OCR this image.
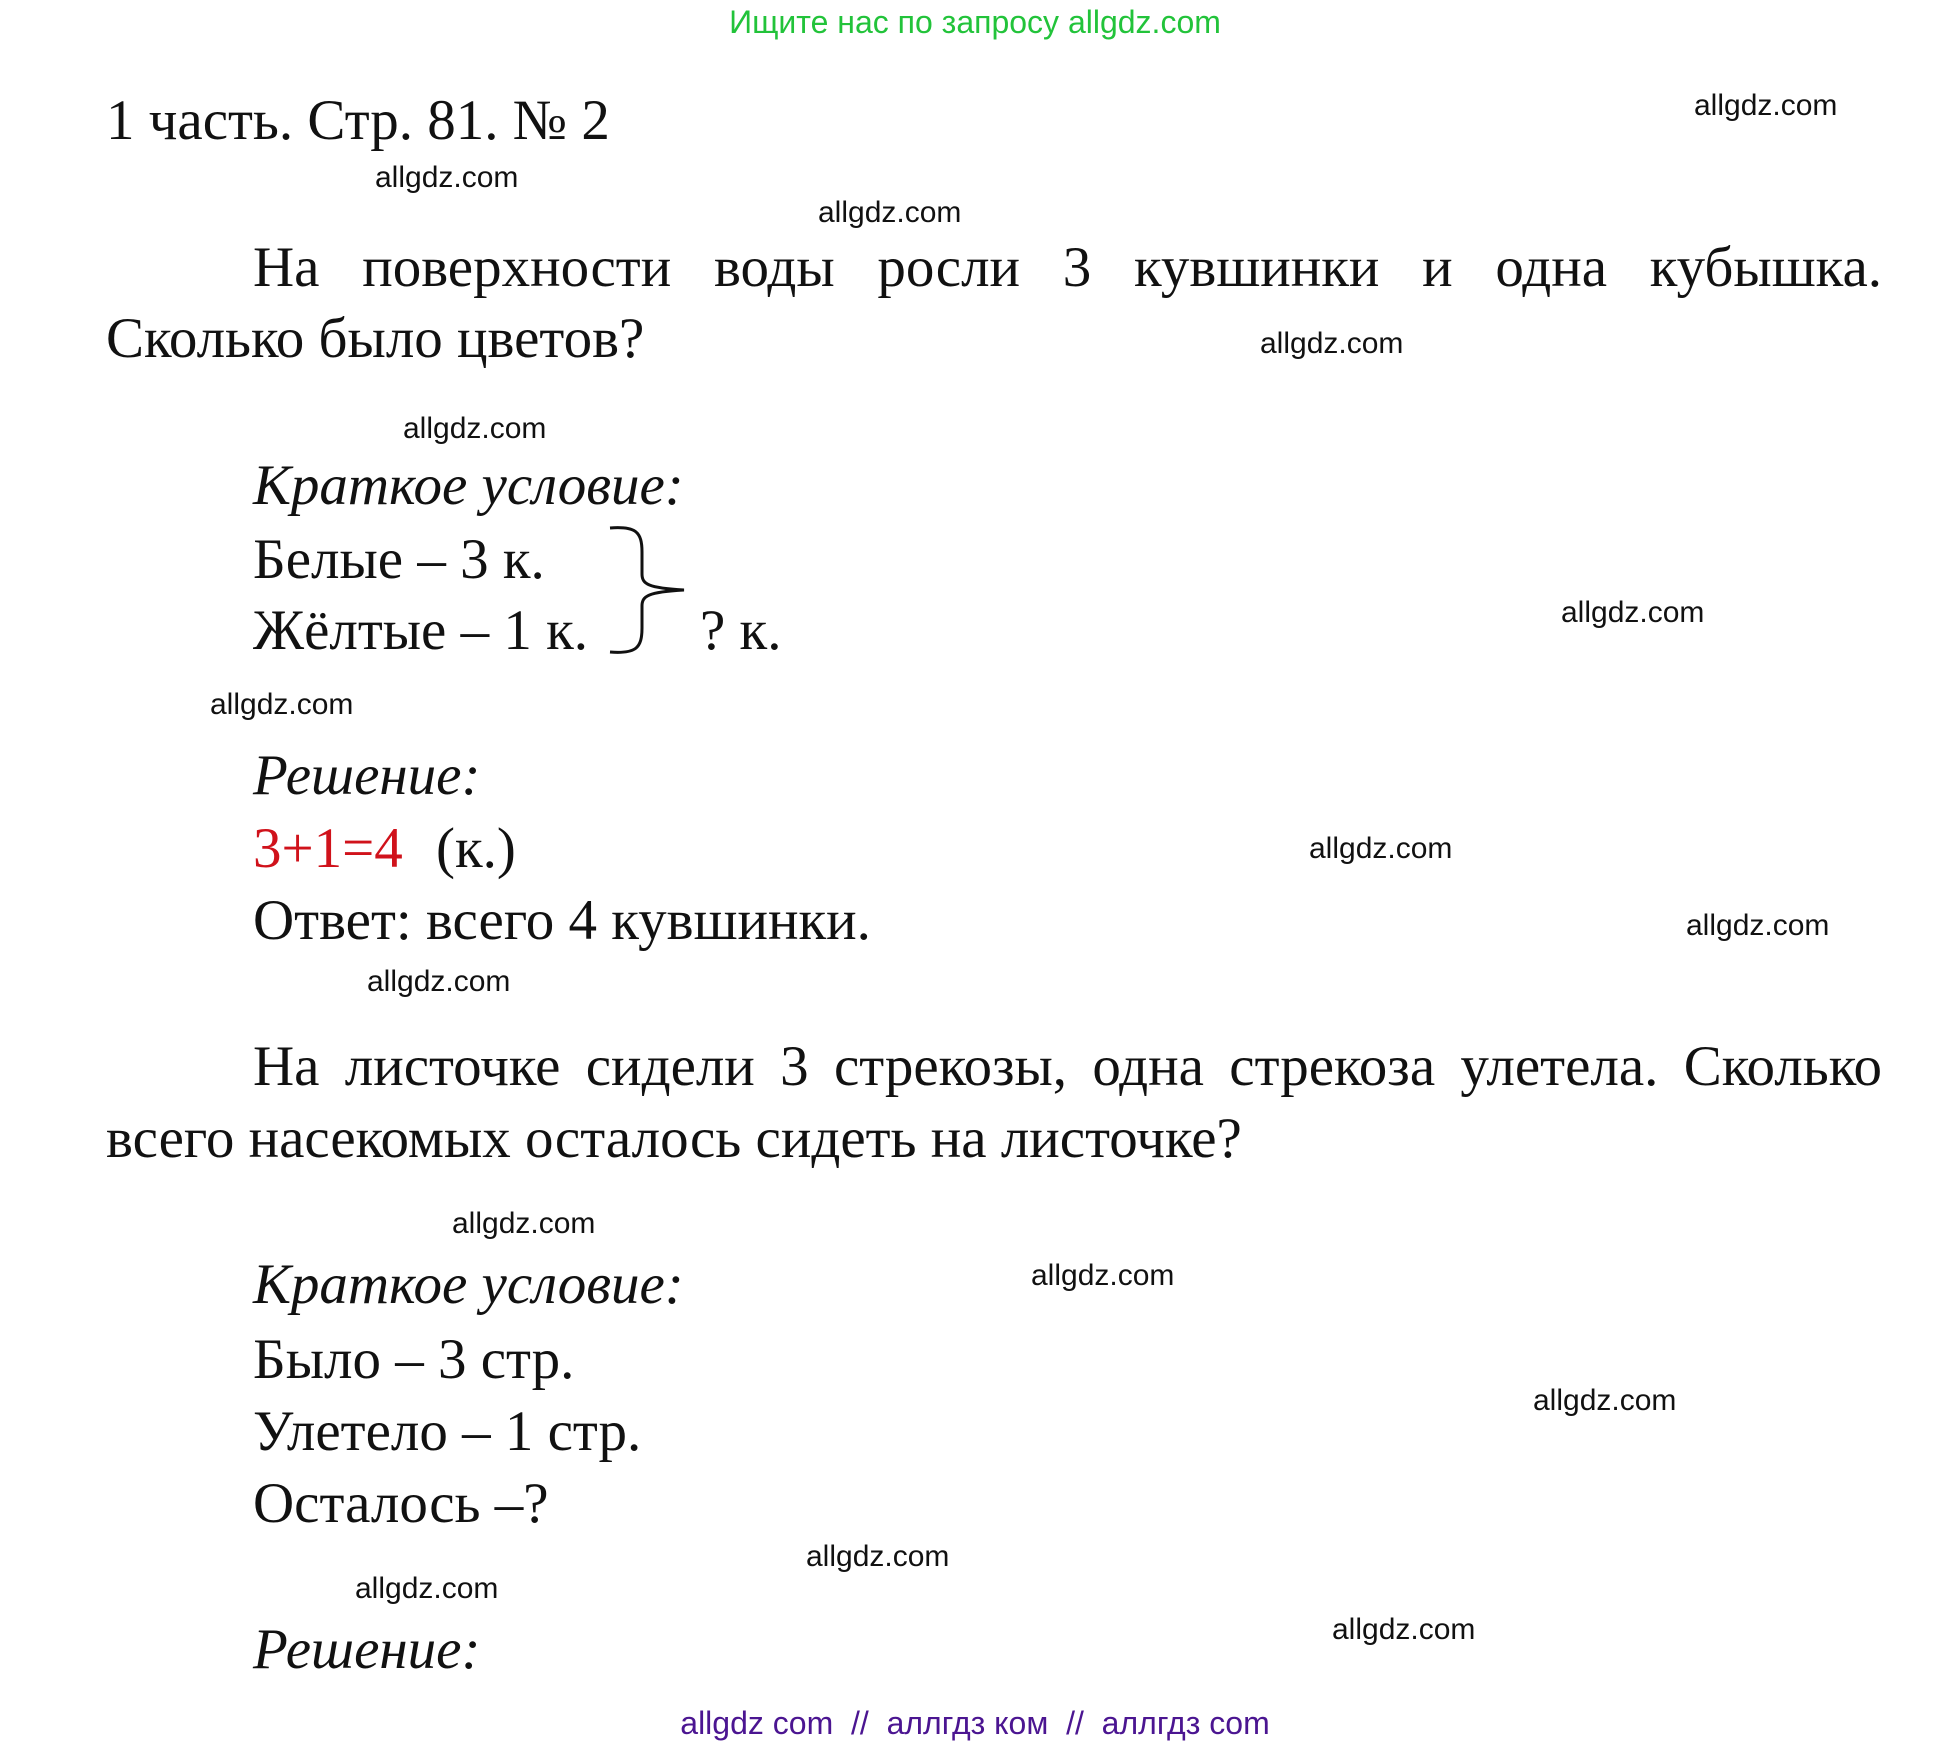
Ищите нас по запросу allgdz.com
1 часть. Стр. 81. № 2
На поверхности воды росли 3 кувшинки и одна кубышка.
Сколько было цветов?
Краткое условие:
Белые – 3 к.
Жёлтые – 1 к. ? к.
Решение:
3+1=4 (к.)
Ответ: всего 4 кувшинки.
На листочке сидели 3 стрекозы, одна стрекоза улетела. Сколько
всего насекомых осталось сидеть на листочке?
Краткое условие:
Было – 3 стр.
Улетело – 1 стр.
Осталось –?
Решение:
allgdz.com
allgdz.com
allgdz.com
allgdz.com
allgdz.com
allgdz.com
allgdz.com
allgdz.com
allgdz.com
allgdz.com
allgdz.com
allgdz.com
allgdz.com
allgdz.com
allgdz.com
allgdz.com
allgdz com  //  аллгдз ком  //  аллгдз com
